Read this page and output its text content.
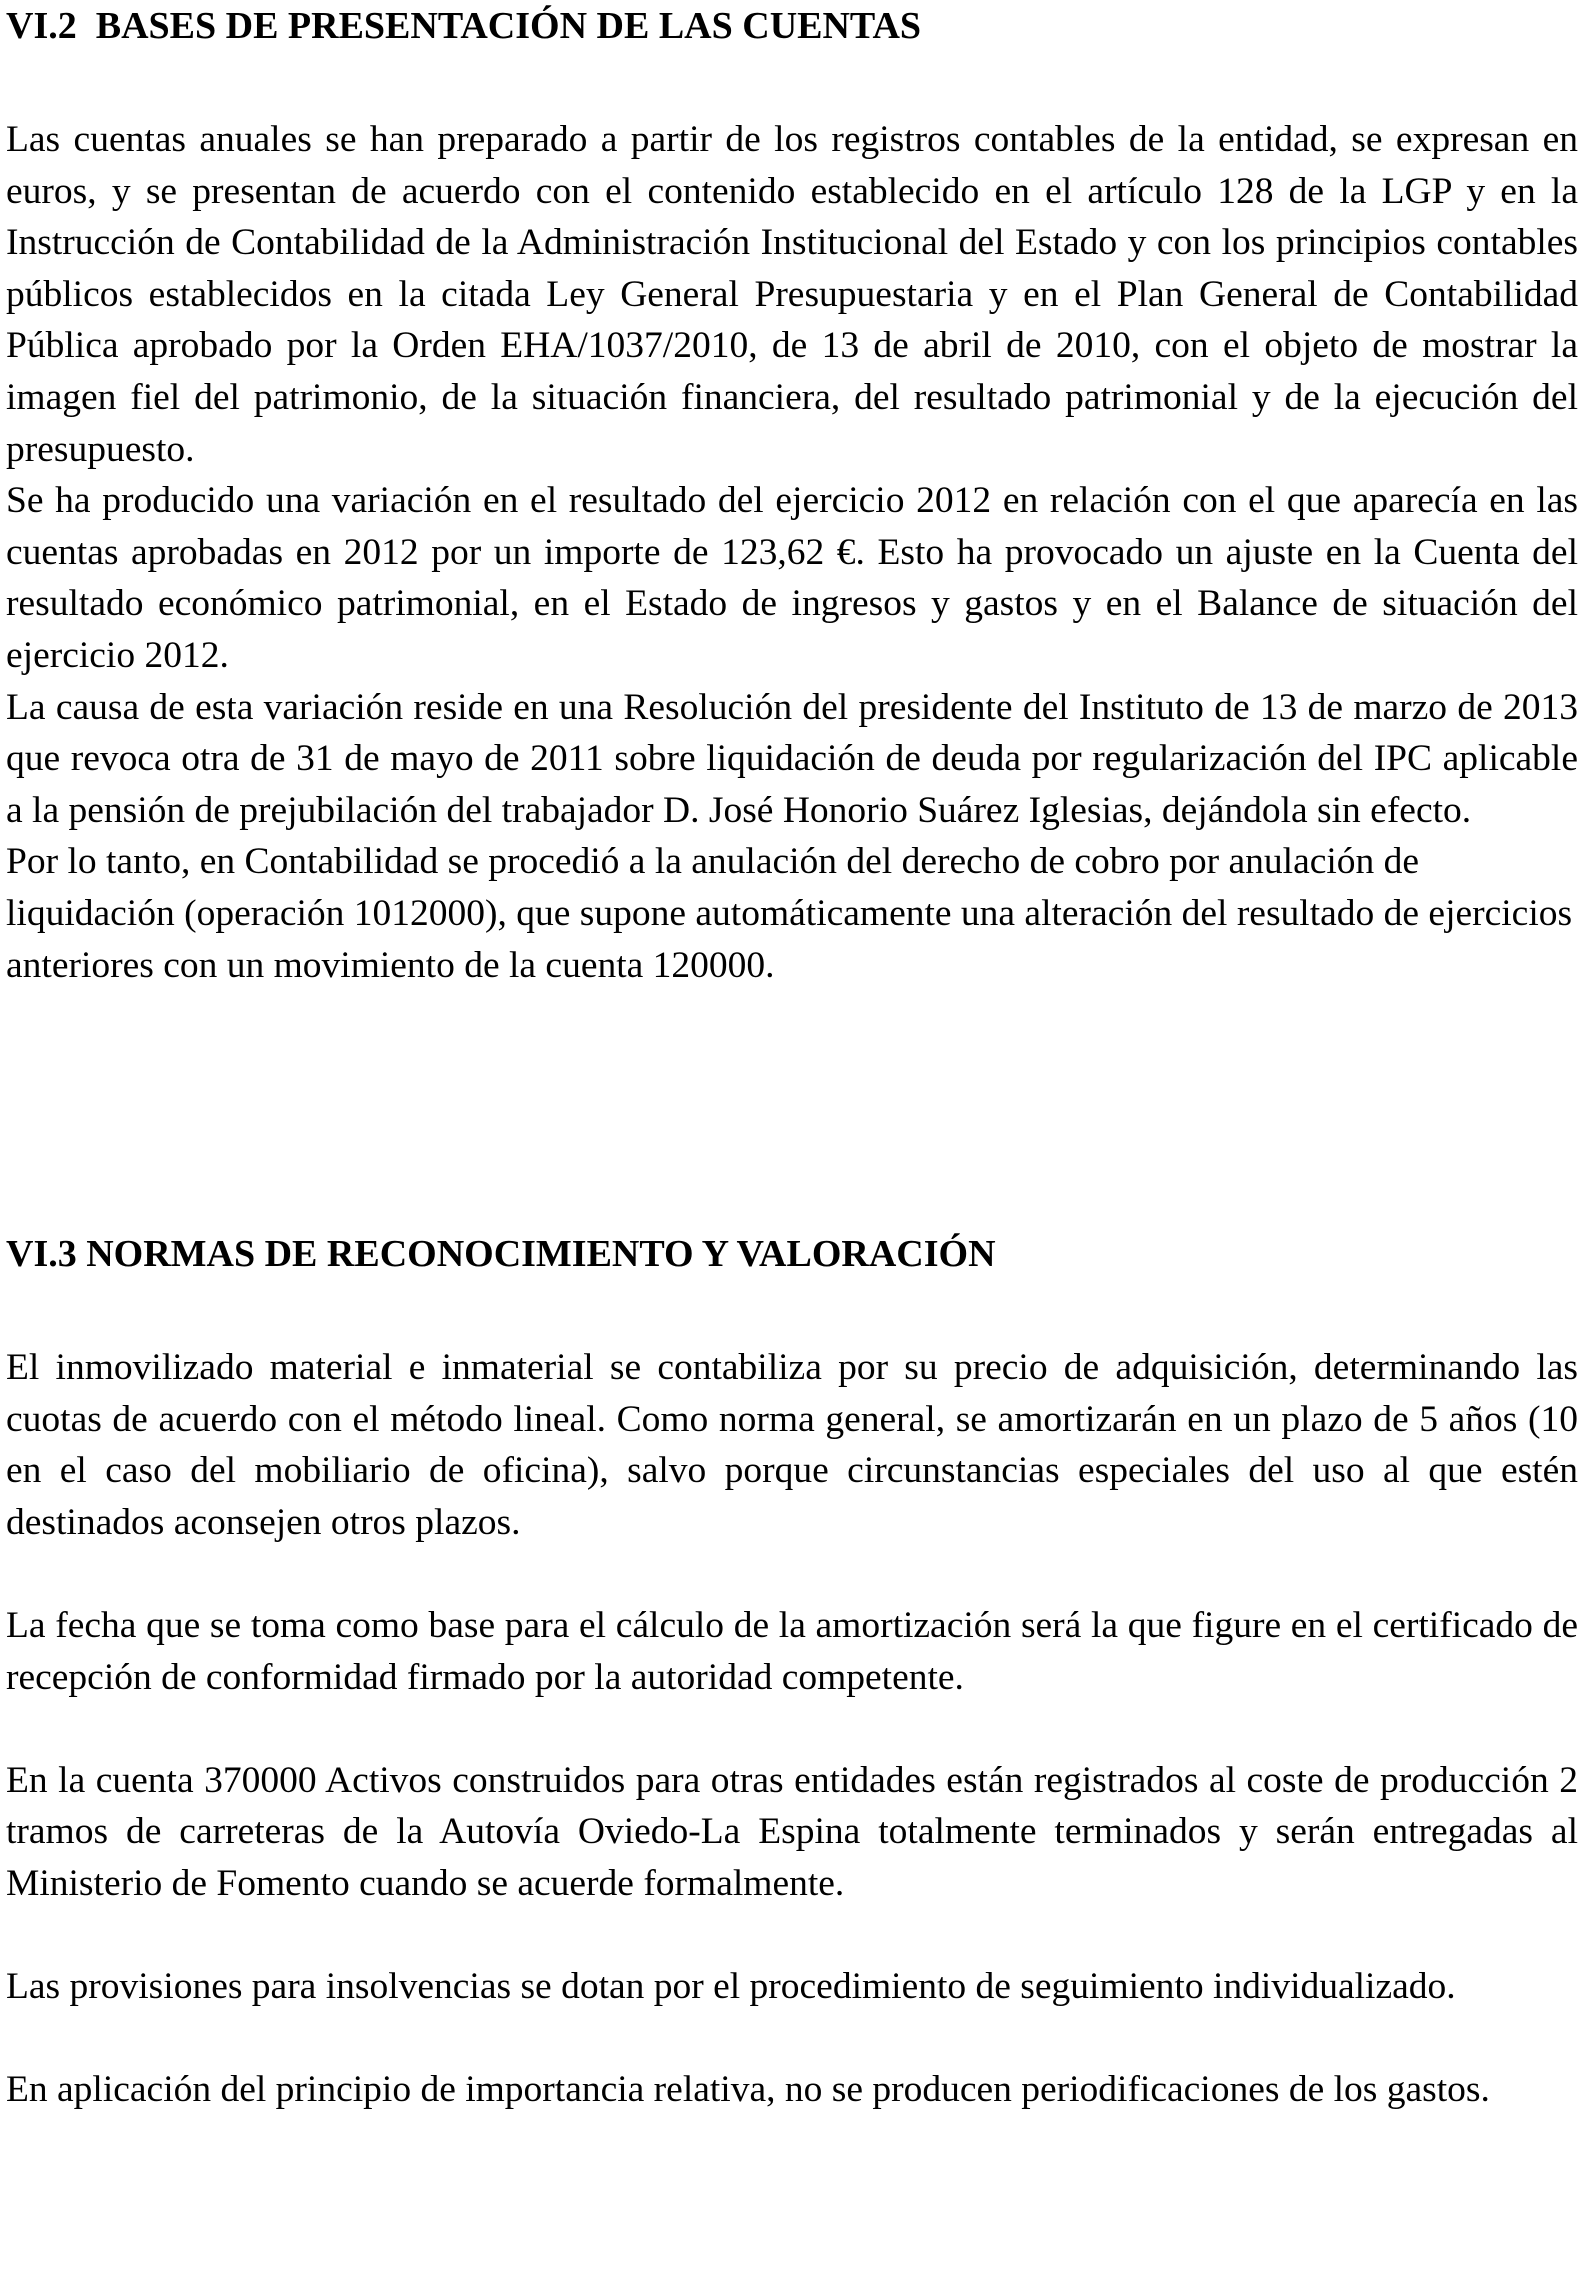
VI.2  BASES DE PRESENTACIÓN DE LAS CUENTAS

Las cuentas anuales se han preparado a partir de los registros contables de la entidad, se expresan en euros, y se presentan de acuerdo con el contenido establecido en el artículo 128 de la LGP y en la Instrucción de Contabilidad de la Administración Institucional del Estado y con los principios contables públicos establecidos en la citada Ley General Presupuestaria y en el Plan General de Contabilidad Pública aprobado por la Orden EHA/1037/2010, de 13 de abril de 2010, con el objeto de mostrar la imagen fiel del patrimonio, de la situación financiera, del resultado patrimonial y de la ejecución del presupuesto.

Se ha producido una variación en el resultado del ejercicio 2012 en relación con el que aparecía en las cuentas aprobadas en 2012 por un importe de 123,62 €. Esto ha provocado un ajuste en la Cuenta del resultado económico patrimonial, en el Estado de ingresos y gastos y en el Balance de situación del ejercicio 2012.

La causa de esta variación reside en una Resolución del presidente del Instituto de 13 de marzo de 2013 que revoca otra de 31 de mayo de 2011 sobre liquidación de deuda por regularización del IPC aplicable a la pensión de prejubilación del trabajador D. José Honorio Suárez Iglesias, dejándola sin efecto.

Por lo tanto, en Contabilidad se procedió a la anulación del derecho de cobro por anulación de liquidación (operación 1012000), que supone automáticamente una alteración del resultado de ejercicios anteriores con un movimiento de la cuenta 120000.

VI.3 NORMAS DE RECONOCIMIENTO Y VALORACIÓN

El inmovilizado material e inmaterial se contabiliza por su precio de adquisición, determinando las cuotas de acuerdo con el método lineal. Como norma general, se amortizarán en un plazo de 5 años (10 en el caso del mobiliario de oficina), salvo porque circunstancias especiales del uso al que estén destinados aconsejen otros plazos.

La fecha que se toma como base para el cálculo de la amortización será la que figure en el certificado de recepción de conformidad firmado por la autoridad competente.

En la cuenta 370000 Activos construidos para otras entidades están registrados al coste de producción 2 tramos de carreteras de la Autovía Oviedo-La Espina totalmente terminados y serán entregadas al Ministerio de Fomento cuando se acuerde formalmente.

Las provisiones para insolvencias se dotan por el procedimiento de seguimiento individualizado.

En aplicación del principio de importancia relativa, no se producen periodificaciones de los gastos.
